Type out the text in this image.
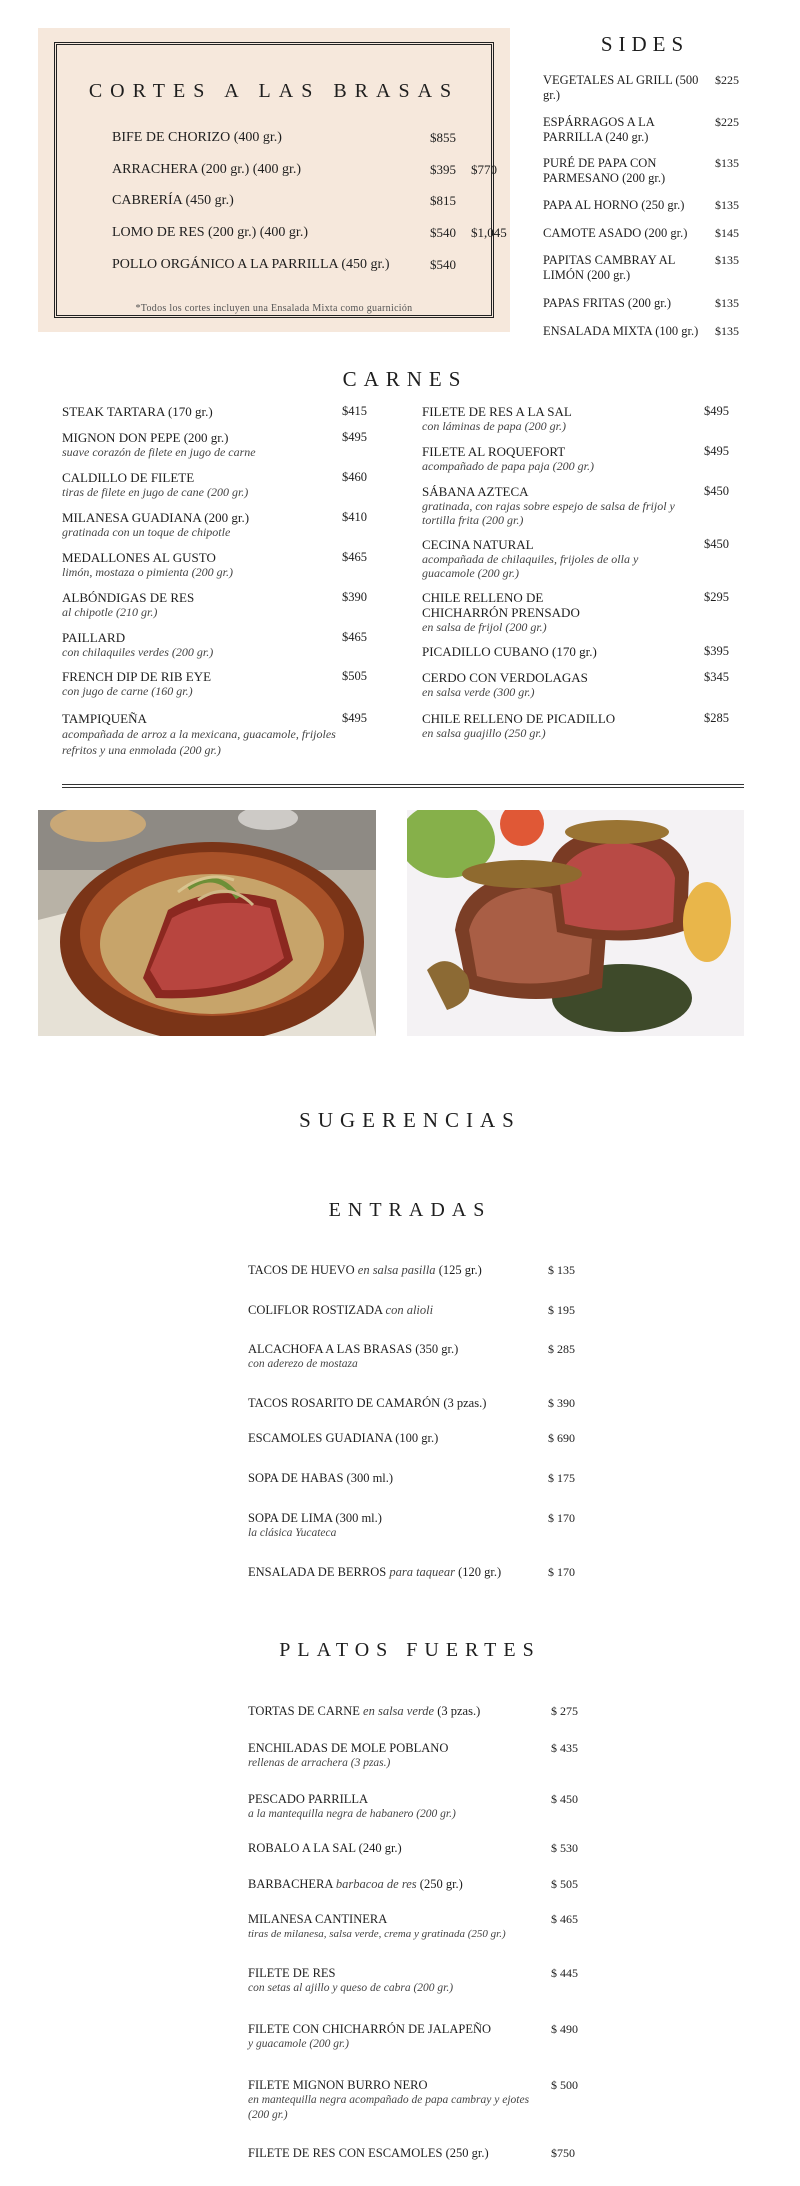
CORTES A LAS BRASAS
BIFE DE CHORIZO (400 gr.)	$855
ARRACHERA (200 gr.) (400 gr.)	$395 $770
CABRERÍA (450 gr.)	$815
LOMO DE RES (200 gr.) (400 gr.)	$540 $1,045
POLLO ORGÁNICO A LA PARRILLA (450 gr.)	$540
*Todos los cortes incluyen una Ensalada Mixta como guarnición
SIDES
VEGETALES AL GRILL (500 gr.)
$225
ESPÁRRAGOS A LA PARRILLA (240 gr.)
$225
PURÉ DE PAPA CON PARMESANO (200 gr.)
$135
PAPA AL HORNO (250 gr.)	$135
CAMOTE ASADO (200 gr.)	$145
PAPITAS CAMBRAY AL LIMÓN (200 gr.)
$135
PAPAS FRITAS (200 gr.)	$135
ENSALADA MIXTA (100 gr.)	$135
CARNES
STEAK TARTARA (170 gr.)	$415
MIGNON DON PEPE (200 gr.)
suave corazón de filete en jugo de carne
$495
CALDILLO DE FILETE
tiras de filete en jugo de cane (200 gr.)
$460
MILANESA GUADIANA (200 gr.)
gratinada con un toque de chipotle
$410
MEDALLONES AL GUSTO
limón, mostaza o pimienta (200 gr.)
$465
ALBÓNDIGAS DE RES
al chipotle (210 gr.)
$390
PAILLARD
con chilaquiles verdes (200 gr.)
$465
FRENCH DIP DE RIB EYE
con jugo de carne (160 gr.)
$505
TAMPIQUEÑA
acompañada de arroz a la mexicana, guacamole, frijoles refritos y una enmolada (200 gr.)
$495
FILETE DE RES A LA SAL
con láminas de papa (200 gr.)
$495
FILETE AL ROQUEFORT
acompañado de papa paja (200 gr.)
$495
SÁBANA AZTECA
gratinada, con rajas sobre espejo de salsa de frijol y tortilla frita (200 gr.)
$450
CECINA NATURAL
acompañada de chilaquiles, frijoles de olla y guacamole (200 gr.)
$450
CHILE RELLENO DE CHICHARRÓN PRENSADO
en salsa de frijol (200 gr.)
$295
PICADILLO CUBANO (170 gr.)	$395
CERDO CON VERDOLAGAS
en salsa verde (300 gr.)
$345
CHILE RELLENO DE PICADILLO
en salsa guajillo (250 gr.)
$285
SUGERENCIAS
ENTRADAS
TACOS DE HUEVO en salsa pasilla (125 gr.)	$ 135
COLIFLOR ROSTIZADA con alioli	$ 195
ALCACHOFA A LAS BRASAS (350 gr.)
con aderezo de mostaza
$ 285
TACOS ROSARITO DE CAMARÓN (3 pzas.)	$ 390
ESCAMOLES GUADIANA (100 gr.)	$ 690
SOPA DE HABAS (300 ml.)	$ 175
SOPA DE LIMA (300 ml.)
la clásica Yucateca
$ 170
ENSALADA DE BERROS para taquear (120 gr.)	$ 170
PLATOS FUERTES
TORTAS DE CARNE en salsa verde (3 pzas.)	$ 275
ENCHILADAS DE MOLE POBLANO
rellenas de arrachera (3 pzas.)
$ 435
PESCADO PARRILLA
a la mantequilla negra de habanero (200 gr.)
$ 450
ROBALO A LA SAL (240 gr.)	$ 530
BARBACHERA barbacoa de res (250 gr.)	$ 505
MILANESA CANTINERA
tiras de milanesa, salsa verde, crema y gratinada (250 gr.)
$ 465
FILETE DE RES
con setas al ajillo y queso de cabra (200 gr.)
$ 445
FILETE CON CHICHARRÓN DE JALAPEÑO
y guacamole (200 gr.)
$ 490
FILETE MIGNON BURRO NERO
en mantequilla negra acompañado de papa cambray y ejotes (200 gr.)
$ 500
FILETE DE RES CON ESCAMOLES (250 gr.)	$750
